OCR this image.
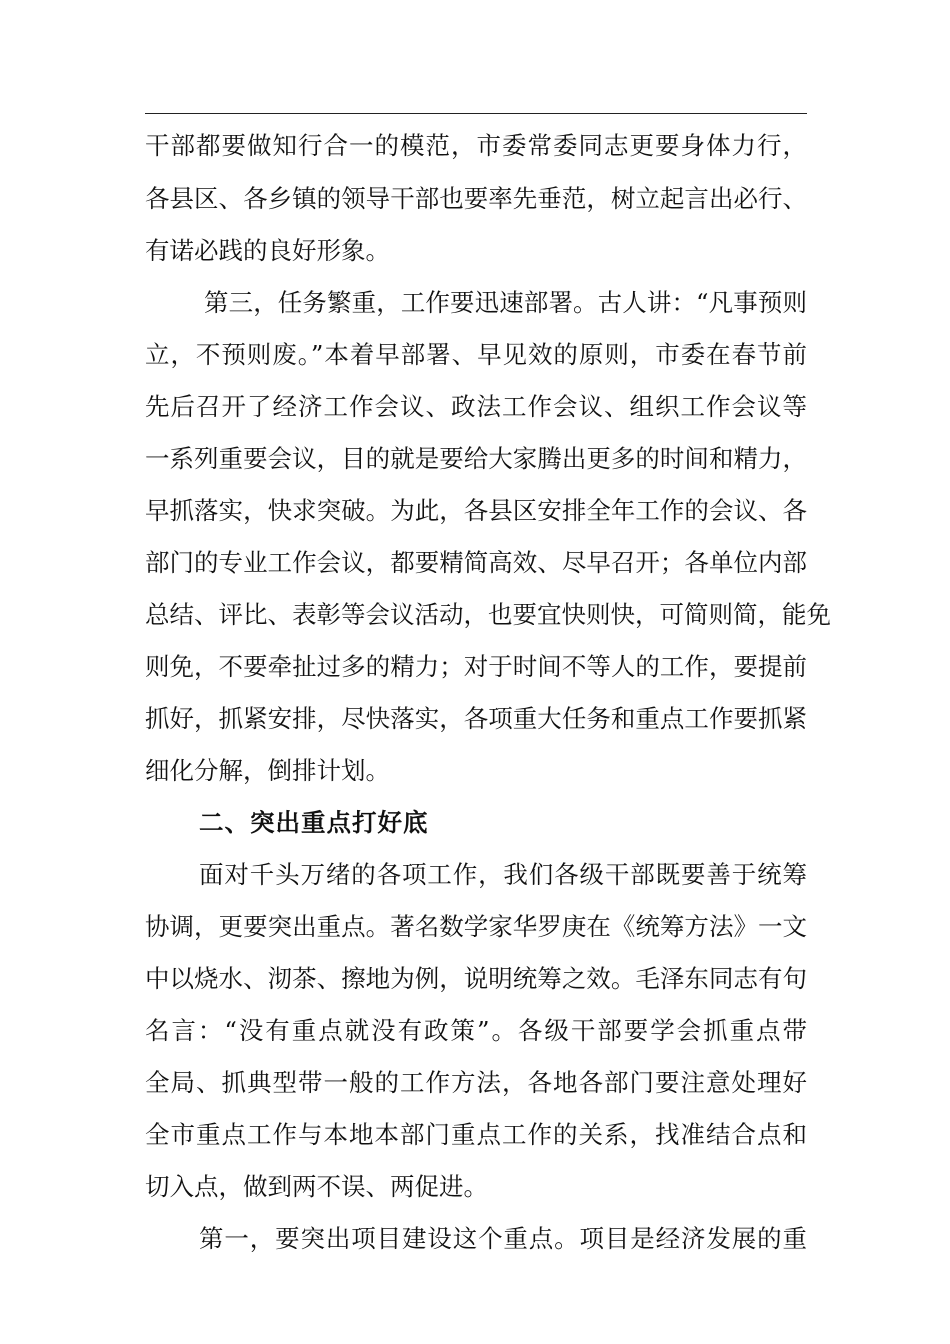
干部都要做知行合一的模范，市委常委同志更要身体力行，
各县区、各乡镇的领导干部也要率先垂范，树立起言出必行、
有诺必践的良好形象。
第三，任务繁重，工作要迅速部署。古人讲：“凡事预则
立，不预则废。”本着早部署、早见效的原则，市委在春节前
先后召开了经济工作会议、政法工作会议、组织工作会议等
一系列重要会议，目的就是要给大家腾出更多的时间和精力，
早抓落实，快求突破。为此，各县区安排全年工作的会议、各
部门的专业工作会议，都要精简高效、尽早召开；各单位内部
总结、评比、表彰等会议活动，也要宜快则快，可简则简，能免
则免，不要牵扯过多的精力；对于时间不等人的工作，要提前
抓好，抓紧安排，尽快落实，各项重大任务和重点工作要抓紧
细化分解，倒排计划。
二、突出重点打好底
面对千头万绪的各项工作，我们各级干部既要善于统筹
协调，更要突出重点。著名数学家华罗庚在《统筹方法》一文
中以烧水、沏茶、擦地为例，说明统筹之效。毛泽东同志有句
名言：“没有重点就没有政策”。各级干部要学会抓重点带
全局、抓典型带一般的工作方法，各地各部门要注意处理好
全市重点工作与本地本部门重点工作的关系，找准结合点和
切入点，做到两不误、两促进。
第一，要突出项目建设这个重点。项目是经济发展的重
